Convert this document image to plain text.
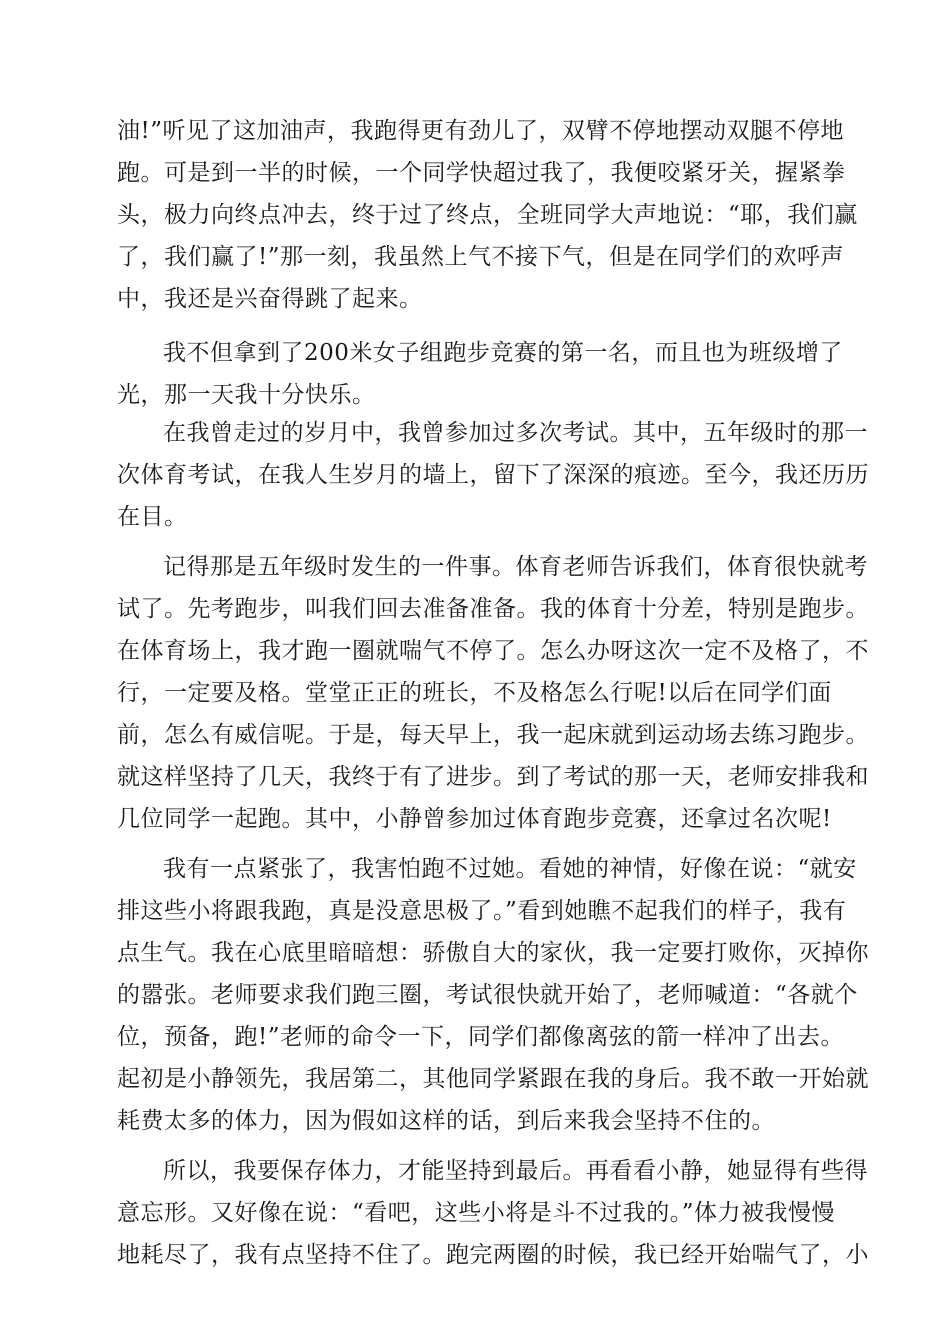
油!”听见了这加油声，我跑得更有劲儿了，双臂不停地摆动双腿不停地
跑。可是到一半的时候，一个同学快超过我了，我便咬紧牙关，握紧拳
头，极力向终点冲去，终于过了终点，全班同学大声地说：“耶，我们赢
了，我们赢了!”那一刻，我虽然上气不接下气，但是在同学们的欢呼声
中，我还是兴奋得跳了起来。
我不但拿到了200米女子组跑步竞赛的第一名，而且也为班级增了
光，那一天我十分快乐。
在我曾走过的岁月中，我曾参加过多次考试。其中，五年级时的那一
次体育考试，在我人生岁月的墙上，留下了深深的痕迹。至今，我还历历
在目。
记得那是五年级时发生的一件事。体育老师告诉我们，体育很快就考
试了。先考跑步，叫我们回去准备准备。我的体育十分差，特别是跑步。
在体育场上，我才跑一圈就喘气不停了。怎么办呀这次一定不及格了，不
行，一定要及格。堂堂正正的班长，不及格怎么行呢!以后在同学们面
前，怎么有威信呢。于是，每天早上，我一起床就到运动场去练习跑步。
就这样坚持了几天，我终于有了进步。到了考试的那一天，老师安排我和
几位同学一起跑。其中，小静曾参加过体育跑步竞赛，还拿过名次呢!
我有一点紧张了，我害怕跑不过她。看她的神情，好像在说：“就安
排这些小将跟我跑，真是没意思极了。”看到她瞧不起我们的样子，我有
点生气。我在心底里暗暗想：骄傲自大的家伙，我一定要打败你，灭掉你
的嚣张。老师要求我们跑三圈，考试很快就开始了，老师喊道：“各就个
位，预备，跑!”老师的命令一下，同学们都像离弦的箭一样冲了出去。
起初是小静领先，我居第二，其他同学紧跟在我的身后。我不敢一开始就
耗费太多的体力，因为假如这样的话，到后来我会坚持不住的。
所以，我要保存体力，才能坚持到最后。再看看小静，她显得有些得
意忘形。又好像在说：“看吧，这些小将是斗不过我的。”体力被我慢慢
地耗尽了，我有点坚持不住了。跑完两圈的时候，我已经开始喘气了，小
